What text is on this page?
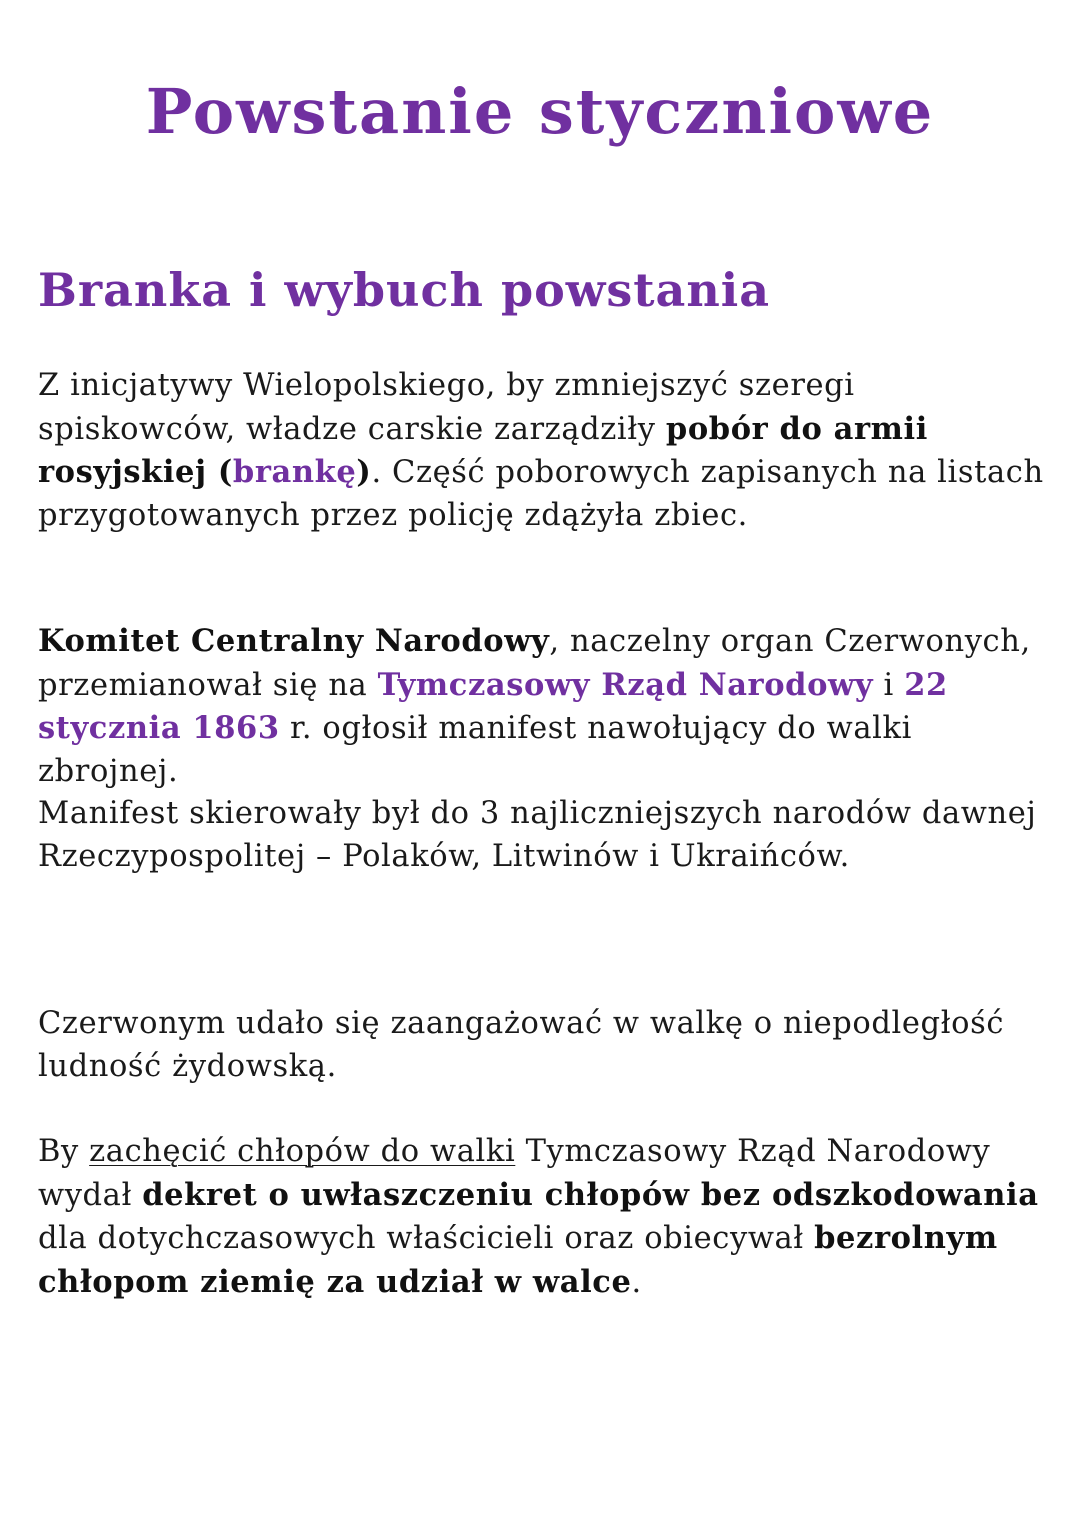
Powstanie styczniowe
Branka i wybuch powstania

Z inicjatywy Wielopolskiego, by zmniejszyć szeregi spiskowców, władze carskie zarządziły pobór do armii rosyjskiej (brankę). Część poborowych zapisanych na listach przygotowanych przez policję zdążyła zbiec.

Komitet Centralny Narodowy, naczelny organ Czerwonych, przemianował się na Tymczasowy Rząd Narodowy i 22 stycznia 1863 r. ogłosił manifest nawołujący do walki zbrojnej.
Manifest skierowały był do 3 najliczniejszych narodów dawnej Rzeczypospolitej – Polaków, Litwinów i Ukraińców.

Czerwonym udało się zaangażować w walkę o niepodległość ludność żydowską.

By zachęcić chłopów do walki Tymczasowy Rząd Narodowy wydał dekret o uwłaszczeniu chłopów bez odszkodowania dla dotychczasowych właścicieli oraz obiecywał bezrolnym chłopom ziemię za udział w walce.
